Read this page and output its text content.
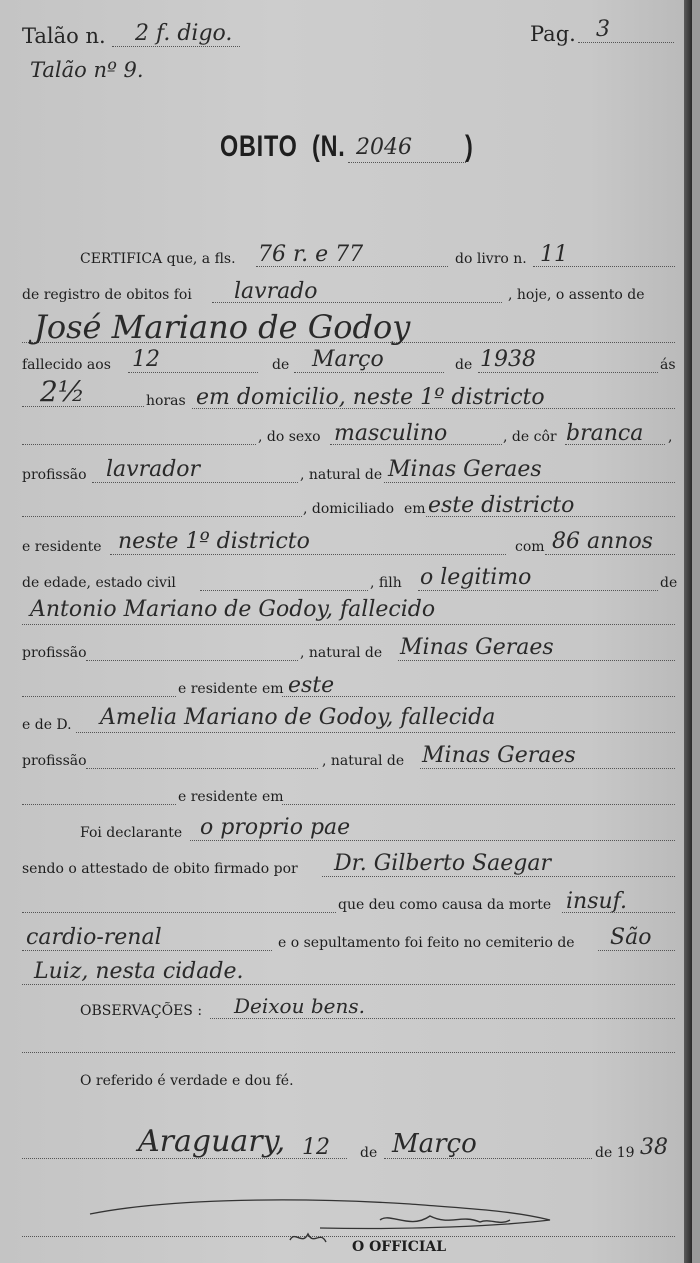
Talão n. 2 f. digo.
Talão nº 9.
Pag. 3
OBITO (N. 2046 )
CERTIFICA que, a fls. 76 r. e 77	do livro n. 11
de registro de obitos foi lavrado	, hoje, o assento de
José Mariano de Godoy
fallecido aos 12	de Março	de 1938	ás
2½	horas em domicilio, neste 1º districto
, do sexo masculino	, de côr branca ,
profissão lavrador	, natural de Minas Geraes
, domiciliado em este districto
e residente neste 1º districto	com 86 annos
de edade, estado civil	, filh o legitimo	de
Antonio Mariano de Godoy, fallecido
profissão	, natural de Minas Geraes
e residente em este
e de D. Amelia Mariano de Godoy, fallecida
profissão	, natural de Minas Geraes
e residente em
Foi declarante o proprio pae
sendo o attestado de obito firmado por Dr. Gilberto Saegar
que deu como causa da morte insuf.
cardio-renal	e o sepultamento foi feito no cemiterio de São
Luiz, nesta cidade.
OBSERVAÇÕES : Deixou bens.
O referido é verdade e dou fé.
Araguary, 12 de Março	de 19 38
O OFFICIAL
